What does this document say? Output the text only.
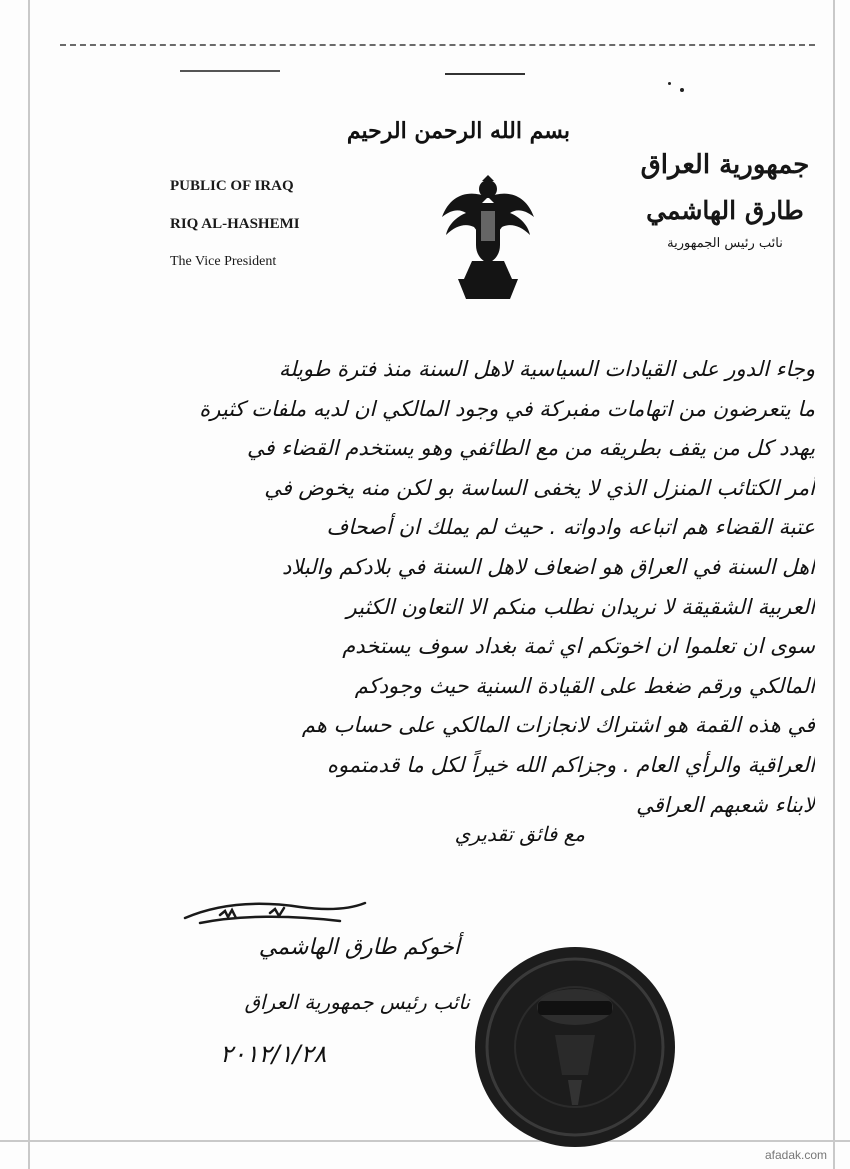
PUBLIC OF IRAQ
RIQ AL-HASHEMI
The Vice President
بسم الله الرحمن الرحيم
جمهورية العراق
طارق الهاشمي
نائب رئيس الجمهورية
وجاء الدور على القيادات السياسية لاهل السنة منذ فترة طويلة
ما يتعرضون من اتهامات مفبركة في وجود المالكي ان لديه ملفات كثيرة
يهدد كل من يقف بطريقه من مع الطائفي وهو يستخدم القضاء في
أمر الكتائب المنزل الذي لا يخفى الساسة بو لكن منه يخوض في
عتبة القضاء هم اتباعه وادواته . حيث لم يملك ان أصحاف
اهل السنة في العراق هو اضعاف لاهل السنة في بلادكم والبلاد
العربية الشقيقة لا نريدان نطلب منكم الا التعاون الكثير
سوى ان تعلموا ان اخوتكم اي ثمة بغداد سوف يستخدم
المالكي ورقم ضغط على القيادة السنية حيث وجودكم
في هذه القمة هو اشتراك لانجازات المالكي على حساب هم
العراقية والرأي العام . وجزاكم الله خيراً لكل ما قدمتموه
لابناء شعبهم العراقي
مع فائق تقديري
أخوكم طارق الهاشمي
نائب رئيس جمهورية العراق
٢٠١٢/١/٢٨
afadak.com
